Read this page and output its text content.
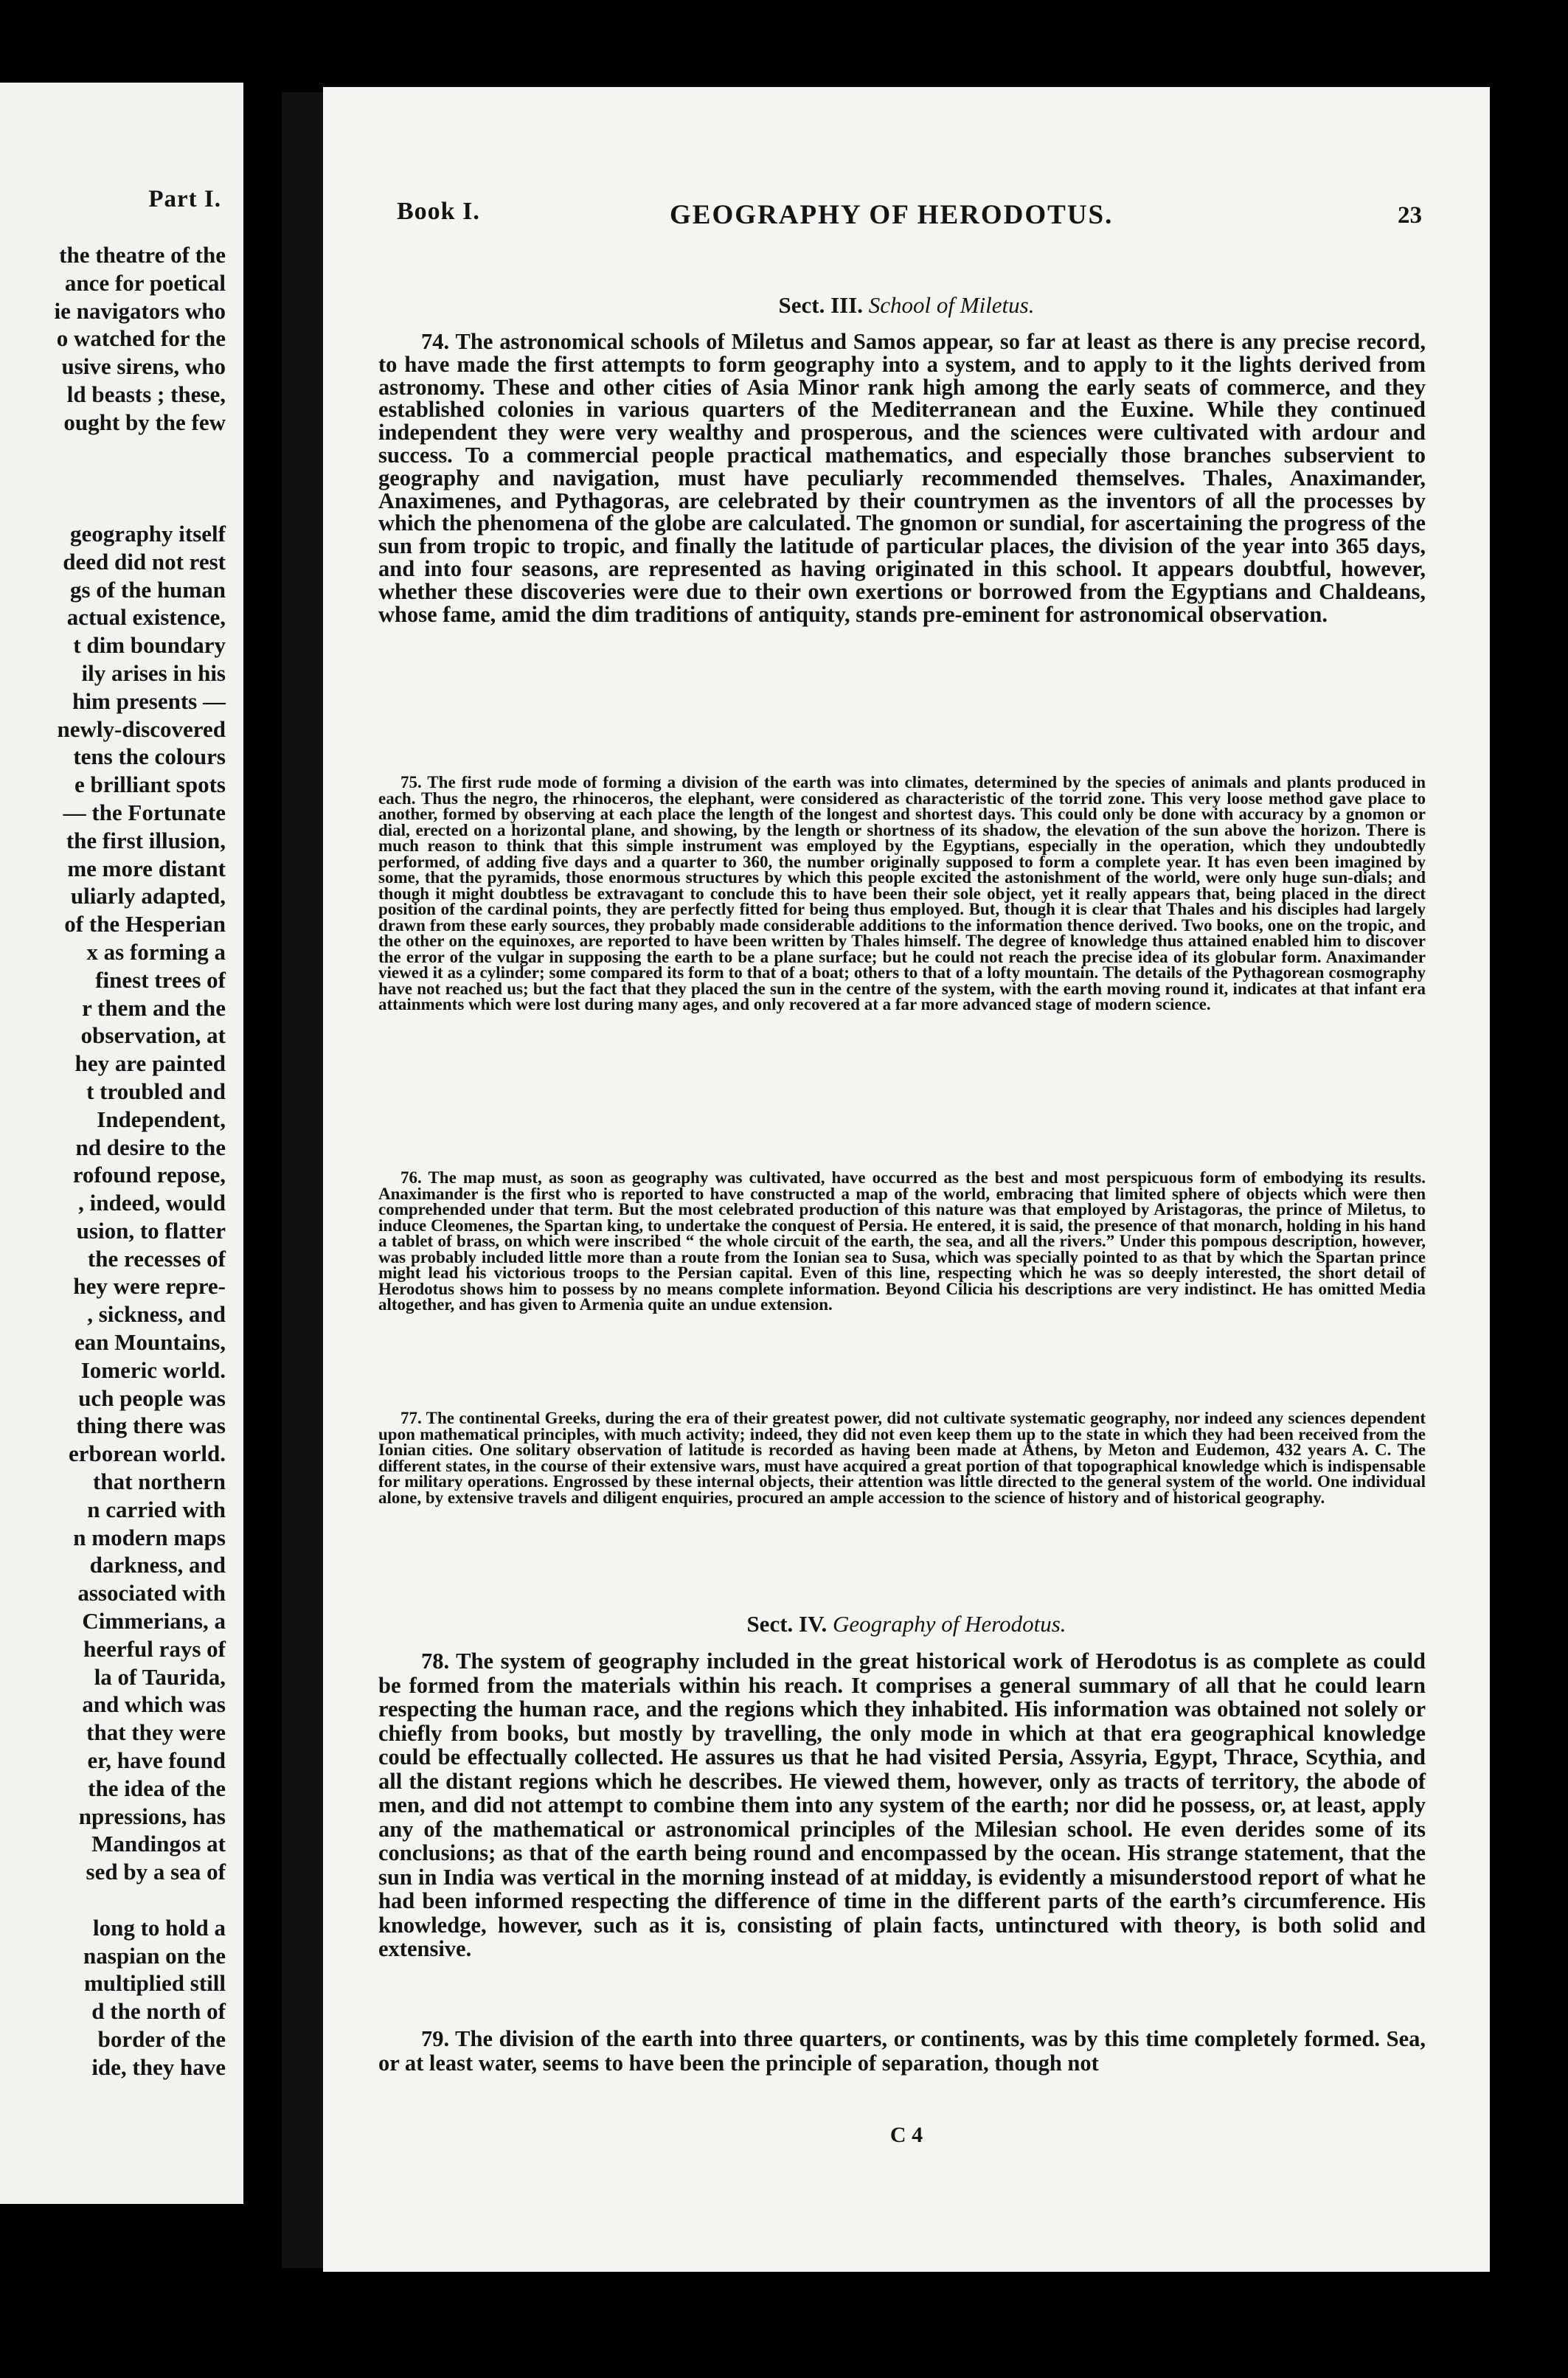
Part I.
the theatre of the
ance for poetical
ie navigators who
o watched for the
usive sirens, who
ld beasts ; these,
ought by the few
geography itself
deed did not rest
gs of the human
actual existence,
t dim boundary
ily arises in his
him presents —
newly-discovered
tens the colours
e brilliant spots
— the Fortunate
the first illusion,
me more distant
uliarly adapted,
of the Hesperian
x as forming a
finest trees of
r them and the
observation, at
hey are painted
t troubled and
Independent,
nd desire to the
rofound repose,
, indeed, would
usion, to flatter
the recesses of
hey were repre-
, sickness, and
ean Mountains,
Iomeric world.
uch people was
thing there was
erborean world.
that northern
n carried with
n modern maps
darkness, and
associated with
Cimmerians, a
heerful rays of
la of Taurida,
and which was
that they were
er, have found
the idea of the
npressions, has
Mandingos at
sed by a sea of
long to hold a
naspian on the
multiplied still
d the north of
border of the
ide, they have
Book I.	GEOGRAPHY OF HERODOTUS.	23
Sect. III. School of Miletus.

74. The astronomical schools of Miletus and Samos appear, so far at least as there is any precise record, to have made the first attempts to form geography into a system, and to apply to it the lights derived from astronomy. These and other cities of Asia Minor rank high among the early seats of commerce, and they established colonies in various quarters of the Mediterranean and the Euxine. While they continued independent they were very wealthy and prosperous, and the sciences were cultivated with ardour and success. To a commercial people practical mathematics, and especially those branches subservient to geography and navigation, must have peculiarly recommended themselves. Thales, Anaximander, Anaximenes, and Pythagoras, are celebrated by their countrymen as the inventors of all the processes by which the phenomena of the globe are calculated. The gnomon or sundial, for ascertaining the progress of the sun from tropic to tropic, and finally the latitude of particular places, the division of the year into 365 days, and into four seasons, are represented as having originated in this school. It appears doubtful, however, whether these discoveries were due to their own exertions or borrowed from the Egyptians and Chaldeans, whose fame, amid the dim traditions of antiquity, stands pre-eminent for astronomical observation.

75. The first rude mode of forming a division of the earth was into climates, determined by the species of animals and plants produced in each. Thus the negro, the rhinoceros, the elephant, were considered as characteristic of the torrid zone. This very loose method gave place to another, formed by observing at each place the length of the longest and shortest days. This could only be done with accuracy by a gnomon or dial, erected on a horizontal plane, and showing, by the length or shortness of its shadow, the elevation of the sun above the horizon. There is much reason to think that this simple instrument was employed by the Egyptians, especially in the operation, which they undoubtedly performed, of adding five days and a quarter to 360, the number originally supposed to form a complete year. It has even been imagined by some, that the pyramids, those enormous structures by which this people excited the astonishment of the world, were only huge sun-dials; and though it might doubtless be extravagant to conclude this to have been their sole object, yet it really appears that, being placed in the direct position of the cardinal points, they are perfectly fitted for being thus employed. But, though it is clear that Thales and his disciples had largely drawn from these early sources, they probably made considerable additions to the information thence derived. Two books, one on the tropic, and the other on the equinoxes, are reported to have been written by Thales himself. The degree of knowledge thus attained enabled him to discover the error of the vulgar in supposing the earth to be a plane surface; but he could not reach the precise idea of its globular form. Anaximander viewed it as a cylinder; some compared its form to that of a boat; others to that of a lofty mountain. The details of the Pythagorean cosmography have not reached us; but the fact that they placed the sun in the centre of the system, with the earth moving round it, indicates at that infant era attainments which were lost during many ages, and only recovered at a far more advanced stage of modern science.

76. The map must, as soon as geography was cultivated, have occurred as the best and most perspicuous form of embodying its results. Anaximander is the first who is reported to have constructed a map of the world, embracing that limited sphere of objects which were then comprehended under that term. But the most celebrated production of this nature was that employed by Aristagoras, the prince of Miletus, to induce Cleomenes, the Spartan king, to undertake the conquest of Persia. He entered, it is said, the presence of that monarch, holding in his hand a tablet of brass, on which were inscribed “ the whole circuit of the earth, the sea, and all the rivers.” Under this pompous description, however, was probably included little more than a route from the Ionian sea to Susa, which was specially pointed to as that by which the Spartan prince might lead his victorious troops to the Persian capital. Even of this line, respecting which he was so deeply interested, the short detail of Herodotus shows him to possess by no means complete information. Beyond Cilicia his descriptions are very indistinct. He has omitted Media altogether, and has given to Armenia quite an undue extension.

77. The continental Greeks, during the era of their greatest power, did not cultivate systematic geography, nor indeed any sciences dependent upon mathematical principles, with much activity; indeed, they did not even keep them up to the state in which they had been received from the Ionian cities. One solitary observation of latitude is recorded as having been made at Athens, by Meton and Eudemon, 432 years A. C. The different states, in the course of their extensive wars, must have acquired a great portion of that topographical knowledge which is indispensable for military operations. Engrossed by these internal objects, their attention was little directed to the general system of the world. One individual alone, by extensive travels and diligent enquiries, procured an ample accession to the science of history and of historical geography.

Sect. IV. Geography of Herodotus.

78. The system of geography included in the great historical work of Herodotus is as complete as could be formed from the materials within his reach. It comprises a general summary of all that he could learn respecting the human race, and the regions which they inhabited. His information was obtained not solely or chiefly from books, but mostly by travelling, the only mode in which at that era geographical knowledge could be effectually collected. He assures us that he had visited Persia, Assyria, Egypt, Thrace, Scythia, and all the distant regions which he describes. He viewed them, however, only as tracts of territory, the abode of men, and did not attempt to combine them into any system of the earth; nor did he possess, or, at least, apply any of the mathematical or astronomical principles of the Milesian school. He even derides some of its conclusions; as that of the earth being round and encompassed by the ocean. His strange statement, that the sun in India was vertical in the morning instead of at midday, is evidently a misunderstood report of what he had been informed respecting the difference of time in the different parts of the earth’s circumference. His knowledge, however, such as it is, consisting of plain facts, untinctured with theory, is both solid and extensive.

79. The division of the earth into three quarters, or continents, was by this time completely formed. Sea, or at least water, seems to have been the principle of separation, though not

C 4
